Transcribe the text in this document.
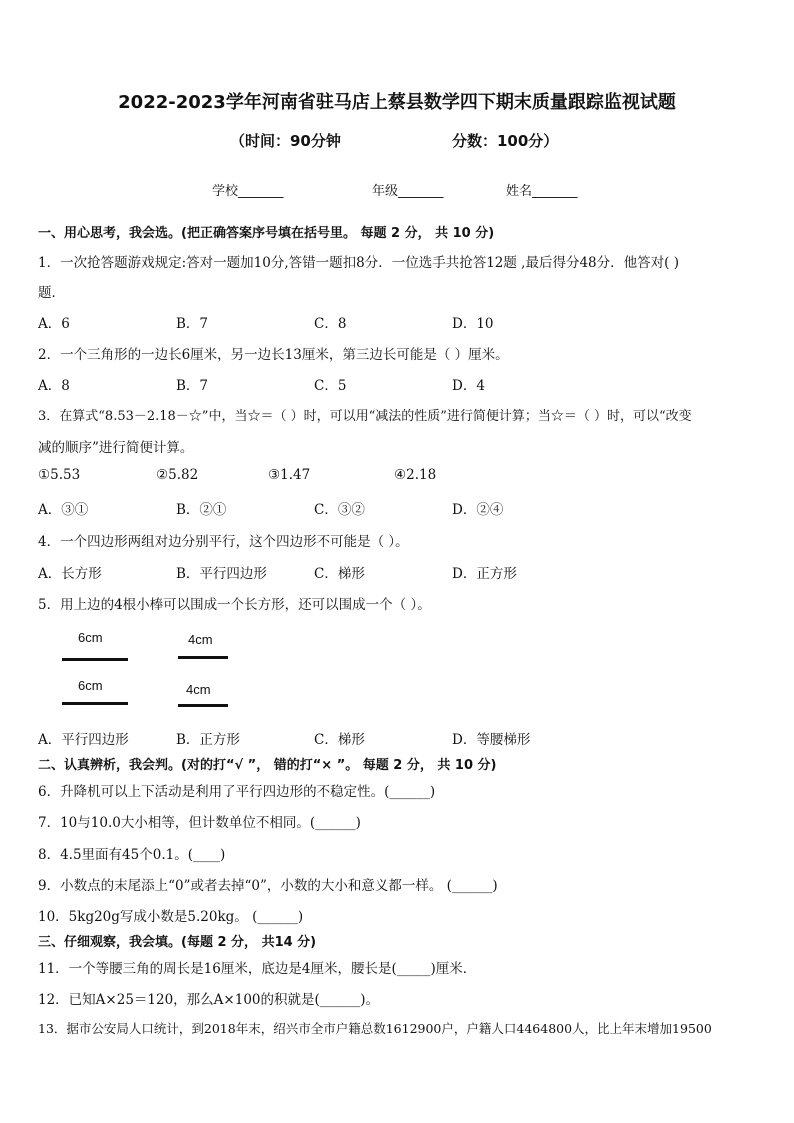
2022-2023学年河南省驻马店上蔡县数学四下期末质量跟踪监视试题
（时间：90分钟	分数：100分）
学校_______	年级_______	姓名_______
一、用心思考，我会选。(把正确答案序号填在括号里。 每题 2 分， 共 10 分)
1．一次抢答题游戏规定:答对一题加10分,答错一题扣8分．一位选手共抢答12题 ,最后得分48分．他答对( )
题．
A．6	B．7	C．8	D．10
2．一个三角形的一边长6厘米，另一边长13厘米，第三边长可能是（ ）厘米。
A．8	B．7	C．5	D．4
3．在算式“8.53－2.18－☆”中，当☆＝（ ）时，可以用“减法的性质”进行简便计算；当☆＝（ ）时，可以“改变
减的顺序”进行简便计算。
①5.53	②5.82	③1.47	④2.18
A．③①	B．②①	C．③②	D．②④
4．一个四边形两组对边分别平行，这个四边形不可能是（ ）。
A．长方形	B．平行四边形	C．梯形	D．正方形
5．用上边的4根小棒可以围成一个长方形，还可以围成一个（ ）。
6cm	4cm
6cm	4cm
A．平行四边形	B．正方形	C．梯形	D．等腰梯形
二、认真辨析，我会判。(对的打“√ ”， 错的打“× ”。 每题 2 分， 共 10 分)
6．升降机可以上下活动是利用了平行四边形的不稳定性。(______)
7．10与10.0大小相等，但计数单位不相同。(______)
8．4.5里面有45个0.1。(____)
9．小数点的末尾添上“0”或者去掉“0”，小数的大小和意义都一样。 (______)
10．5kg20g写成小数是5.20kg。 (______)
三、仔细观察，我会填。(每题 2 分， 共14 分)
11．一个等腰三角的周长是16厘米，底边是4厘米，腰长是(_____)厘米．
12．已知A×25＝120，那么A×100的积就是(______)。
13．据市公安局人口统计，到2018年末，绍兴市全市户籍总数1612900户，户籍人口4464800人，比上年末增加19500
